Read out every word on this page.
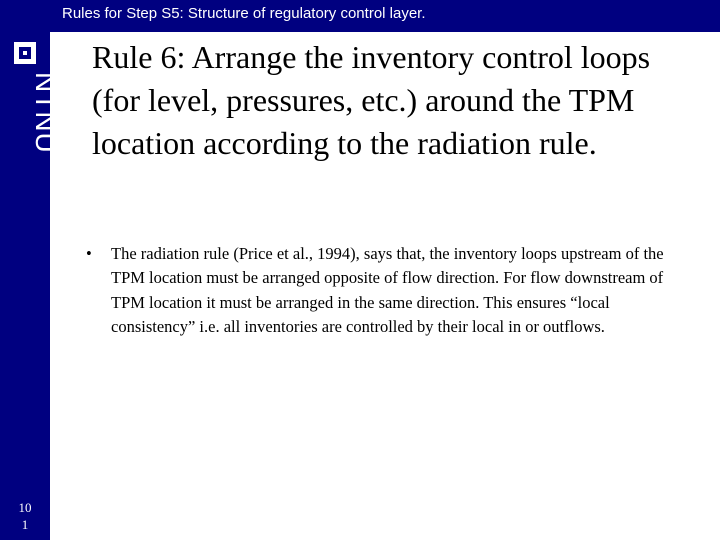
NTNU
10
1
Rules for Step S5: Structure of regulatory control layer.
Rule 6: Arrange the inventory control loops (for level, pressures, etc.) around the TPM location according to the radiation rule.
• The radiation rule (Price et al., 1994), says that, the inventory loops upstream of the TPM location must be arranged opposite of flow direction. For flow downstream of TPM location it must be arranged in the same direction. This ensures “local consistency” i.e. all inventories are controlled by their local in or outflows.
